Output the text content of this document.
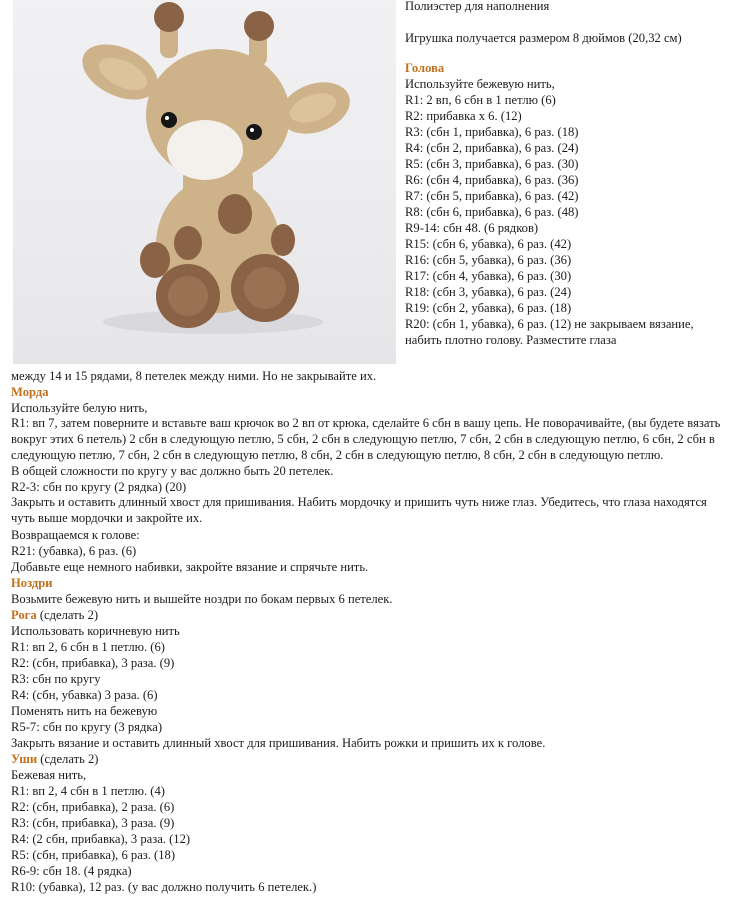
Полиэстер для наполнения
Игрушка получается размером 8 дюймов (20,32 см)
Голова
Используйте бежевую нить,
R1: 2 вп, 6 сбн в 1 петлю (6)
R2: прибавка х 6. (12)
R3: (сбн 1, прибавка), 6 раз. (18)
R4: (сбн 2, прибавка), 6 раз. (24)
R5: (сбн 3, прибавка), 6 раз. (30)
R6: (сбн 4, прибавка), 6 раз. (36)
R7: (сбн 5, прибавка), 6 раз. (42)
R8: (сбн 6, прибавка), 6 раз. (48)
R9-14: сбн 48. (6 рядков)
R15: (сбн 6, убавка), 6 раз. (42)
R16: (сбн 5, убавка), 6 раз. (36)
R17: (сбн 4, убавка), 6 раз. (30)
R18: (сбн 3, убавка), 6 раз. (24)
R19: (сбн 2, убавка), 6 раз. (18)
R20: (сбн 1, убавка), 6 раз. (12) не закрываем вязание, набить плотно голову. Разместите глаза
между 14 и 15 рядами, 8 петелек между ними. Но не закрывайте их.
Морда
Используйте белую нить,
R1: вп 7, затем поверните и вставьте ваш крючок во 2 вп от крюка, сделайте 6 сбн в вашу цепь. Не поворачивайте, (вы будете вязать вокруг этих 6 петель) 2 сбн в следующую петлю, 5 сбн, 2 сбн в следующую петлю, 7 сбн, 2 сбн в следующую петлю, 6 сбн, 2 сбн в следующую петлю, 7 сбн, 2 сбн в следующую петлю, 8 сбн, 2 сбн в следующую петлю, 8 сбн, 2 сбн в следующую петлю.
В общей сложности по кругу у вас должно быть 20 петелек.
R2-3: сбн по кругу (2 рядка) (20)
Закрыть и оставить длинный хвост для пришивания. Набить мордочку и пришить чуть ниже глаз. Убедитесь, что глаза находятся чуть выше мордочки и закройте их.
Возвращаемся к голове:
R21: (убавка), 6 раз. (6)
Добавьте еще немного набивки, закройте вязание и спрячьте нить.
Ноздри
Возьмите бежевую нить и вышейте ноздри по бокам первых 6 петелек.
Рога (сделать 2)
Использовать коричневую нить
R1: вп 2, 6 сбн в 1 петлю. (6)
R2: (сбн, прибавка), 3 раза. (9)
R3: сбн по кругу
R4: (сбн, убавка) 3 раза. (6)
Поменять нить на бежевую
R5-7: сбн по кругу (3 рядка)
Закрыть вязание и оставить длинный хвост для пришивания. Набить рожки и пришить их к голове.
Уши (сделать 2)
Бежевая нить,
R1: вп 2, 4 сбн в 1 петлю. (4)
R2: (сбн, прибавка), 2 раза. (6)
R3: (сбн, прибавка), 3 раза. (9)
R4: (2 сбн, прибавка), 3 раза. (12)
R5: (сбн, прибавка), 6 раз. (18)
R6-9: сбн 18. (4 рядка)
R10: (убавка), 12 раз. (у вас должно получить 6 петелек.)
